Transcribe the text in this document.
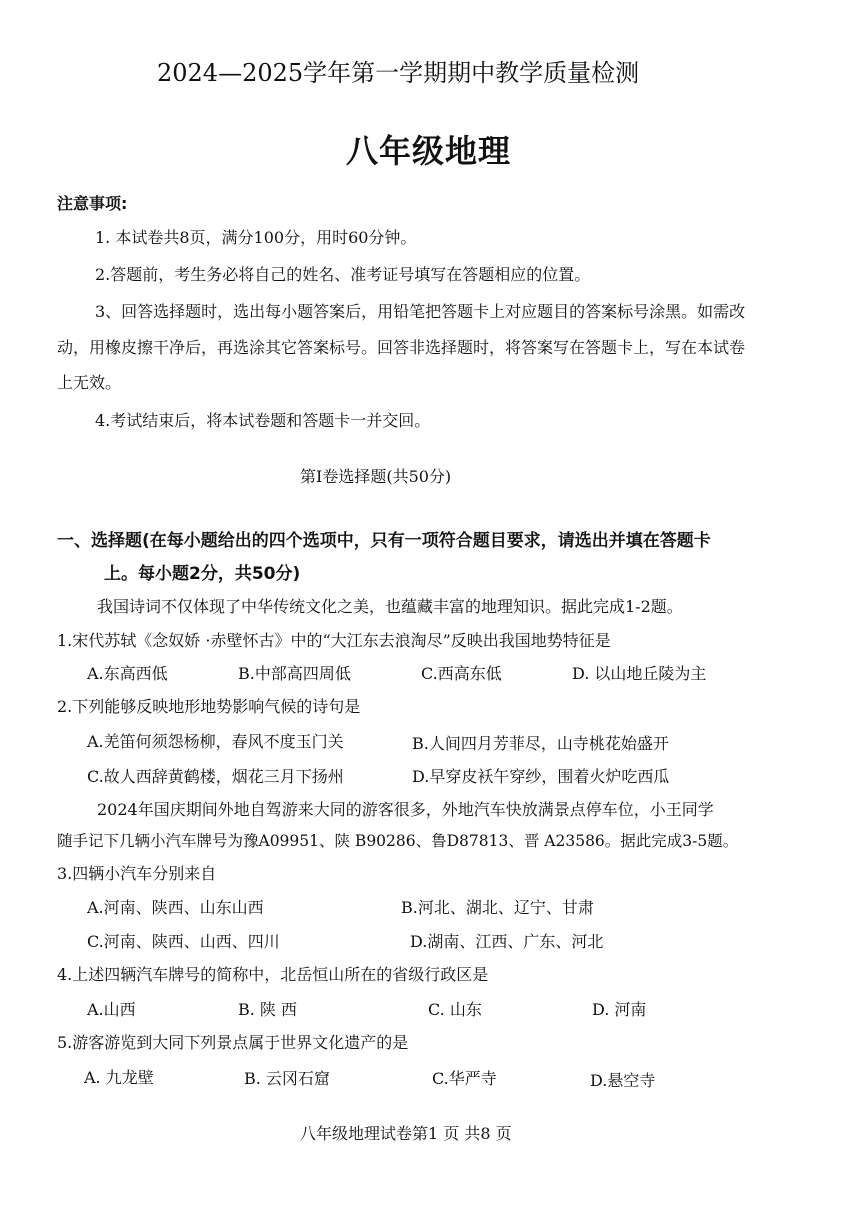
2024—2025学年第一学期期中教学质量检测
八年级地理
注意事项:
1. 本试卷共8页，满分100分，用时60分钟。
2.答题前，考生务必将自己的姓名、准考证号填写在答题相应的位置。
3、回答选择题时，选出每小题答案后，用铅笔把答题卡上对应题目的答案标号涂黑。如需改
动，用橡皮擦干净后，再选涂其它答案标号。回答非选择题时，将答案写在答题卡上，写在本试卷
上无效。
4.考试结束后，将本试卷题和答题卡一并交回。
第I卷选择题(共50分)
一、选择题(在每小题给出的四个选项中，只有一项符合题目要求，请选出并填在答题卡
上。每小题2分，共50分)
我国诗词不仅体现了中华传统文化之美，也蕴藏丰富的地理知识。据此完成1-2题。
1.宋代苏轼《念奴娇 ·赤壁怀古》中的“大江东去浪淘尽”反映出我国地势特征是
A.东高西低	B.中部高四周低	C.西高东低	D. 以山地丘陵为主
2.下列能够反映地形地势影响气候的诗句是
A.羌笛何须怨杨柳，春风不度玉门关	B.人间四月芳菲尽，山寺桃花始盛开
C.故人西辞黄鹤楼，烟花三月下扬州	D.早穿皮袄午穿纱，围着火炉吃西瓜
2024年国庆期间外地自驾游来大同的游客很多，外地汽车快放满景点停车位，小王同学
随手记下几辆小汽车牌号为豫A09951、陕 B90286、鲁D87813、晋 A23586。据此完成3-5题。
3.四辆小汽车分别来自
A.河南、陕西、山东山西	B.河北、湖北、辽宁、甘肃
C.河南、陕西、山西、四川	D.湖南、江西、广东、河北
4.上述四辆汽车牌号的简称中，北岳恒山所在的省级行政区是
A.山西	B. 陕 西	C. 山东	D. 河南
5.游客游览到大同下列景点属于世界文化遗产的是
A. 九龙壁	B. 云冈石窟	C.华严寺	D.悬空寺
八年级地理试卷第1 页 共8 页
